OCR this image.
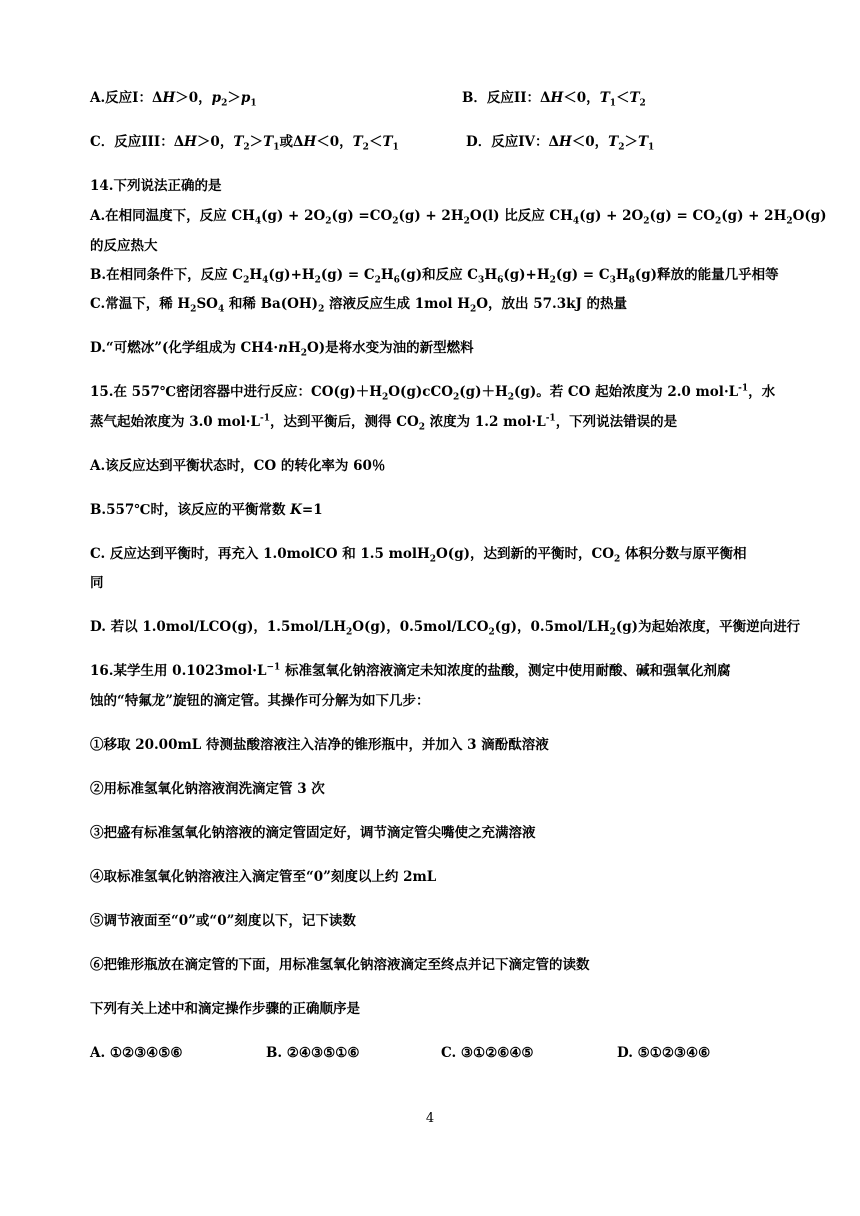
A.反应I：ΔH＞0，$p_2>p_1$	B．反应II：ΔH＜0，$T_1<T_2$
C．反应III：ΔH＞0，$T_2>T_1$或ΔH＜0，$T_2<T_1$	D．反应IV：ΔH＜0，$T_2>T_1$
14.下列说法正确的是
A.在相同温度下，反应 $CH_4(g) + 2O_2(g) =CO_2(g) + 2H_2O(l)$ 比反应 $CH_4(g) + 2O_2(g) = CO_2(g) + 2H_2O(g)$
的反应热大
B.在相同条件下，反应 $C_2H_4(g)+H_2(g) = C_2H_6(g)$和反应 $C_3H_6(g)+H_2(g) = C_3H_8(g)$释放的能量几乎相等
C.常温下，稀 $H_2SO_4$ 和稀 $Ba(OH)_2$ 溶液反应生成 1mol $H_2O$，放出 57.3kJ 的热量
D.“可燃冰”(化学组成为 $CH4\cdot nH_2O$)是将水变为油的新型燃料
15.在 557℃密闭容器中进行反应：$CO(g)+H_2O(g)cCO_2(g)+H_2(g)$。若 CO 起始浓度为 2.0 $mol\cdot L^{-1}$，水
蒸气起始浓度为 3.0 $mol\cdot L^{-1}$，达到平衡后，测得 $CO_2$ 浓度为 1.2 $mol\cdot L^{-1}$，下列说法错误的是
A.该反应达到平衡状态时，CO 的转化率为 60％
B.557℃时，该反应的平衡常数 K=1
C. 反应达到平衡时，再充入 1.0molCO 和 1.5 molH$_2$O(g)，达到新的平衡时，$CO_2$ 体积分数与原平衡相
同
D. 若以 1.0mol/LCO(g)，$1.5mol/LH_2O(g)$，$0.5mol/LCO_2(g)$，$0.5mol/LH_2(g)$为起始浓度，平衡逆向进行
16.某学生用 $0.1023mol\cdot L^{-1}$ 标准氢氧化钠溶液滴定未知浓度的盐酸，测定中使用耐酸、碱和强氧化剂腐
蚀的“特氟龙”旋钮的滴定管。其操作可分解为如下几步：
①移取 20.00mL 待测盐酸溶液注入洁净的锥形瓶中，并加入 3 滴酚酞溶液
②用标准氢氧化钠溶液润洗滴定管 3 次
③把盛有标准氢氧化钠溶液的滴定管固定好，调节滴定管尖嘴使之充满溶液
④取标准氢氧化钠溶液注入滴定管至“0”刻度以上约 2mL
⑤调节液面至“0”或“0”刻度以下，记下读数
⑥把锥形瓶放在滴定管的下面，用标准氢氧化钠溶液滴定至终点并记下滴定管的读数
下列有关上述中和滴定操作步骤的正确顺序是
A. ①②③④⑤⑥	B. ②④③⑤①⑥	C. ③①②⑥④⑤	D. ⑤①②③④⑥
4
